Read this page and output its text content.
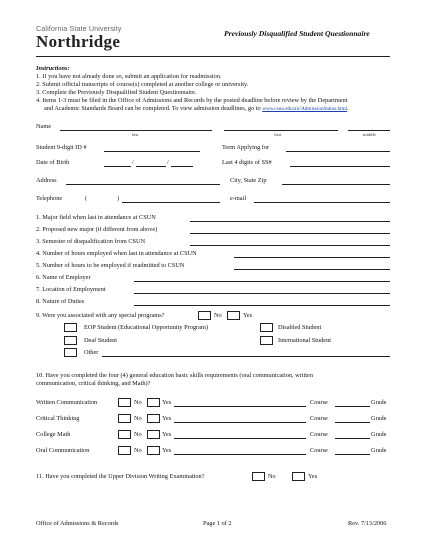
California State University
Northridge	Previously Disqualified Student Questionnaire
Instructions:
1. If you have not already done so, submit an application for readmission.
2. Submit official transcripts of course(s) completed at another college or university.
3. Complete the Previously Disqualified Student Questionnaire.
4. Items 1-3 must be filed in the Office of Admissions and Records by the posted deadline before review by the Department
and Academic Standards Board can be completed. To view admission deadlines, go to www.csun.edu/air/AdmissionStatus.html.
Name
last	first	middle
Student 9-digit ID #	Term Applying for
Date of Birth	/	/	Last 4 digits of SS#
Address	City, State Zip
Telephone	(	)	e-mail
1. Major field when last in attendance at CSUN
2. Proposed new major (if different from above)
3. Semester of disqualification from CSUN
4. Number of hours employed when last in attendance at CSUN
5. Number of hours to be employed if readmitted to CSUN
6. Name of Employer
7. Location of Employment
8. Nature of Duties
9. Were you associated with any special programs?	No	Yes
EOP Student (Educational Opportunity Program)	Disabled Student
Deaf Student	International Student
Other
10. Have you completed the four (4) general education basic skills requirements (oral communication, written
communication, critical thinking, and Math)?
Written Communication	No	Yes	Course	Grade
Critical Thinking	No	Yes	Course	Grade
College Math	No	Yes	Course	Grade
Oral Communication	No	Yes	Course	Grade
11. Have you completed the Upper Division Writing Examination?	No	Yes
Office of Admissions & Records	Page 1 of 2	Rev. 7/13/2006
